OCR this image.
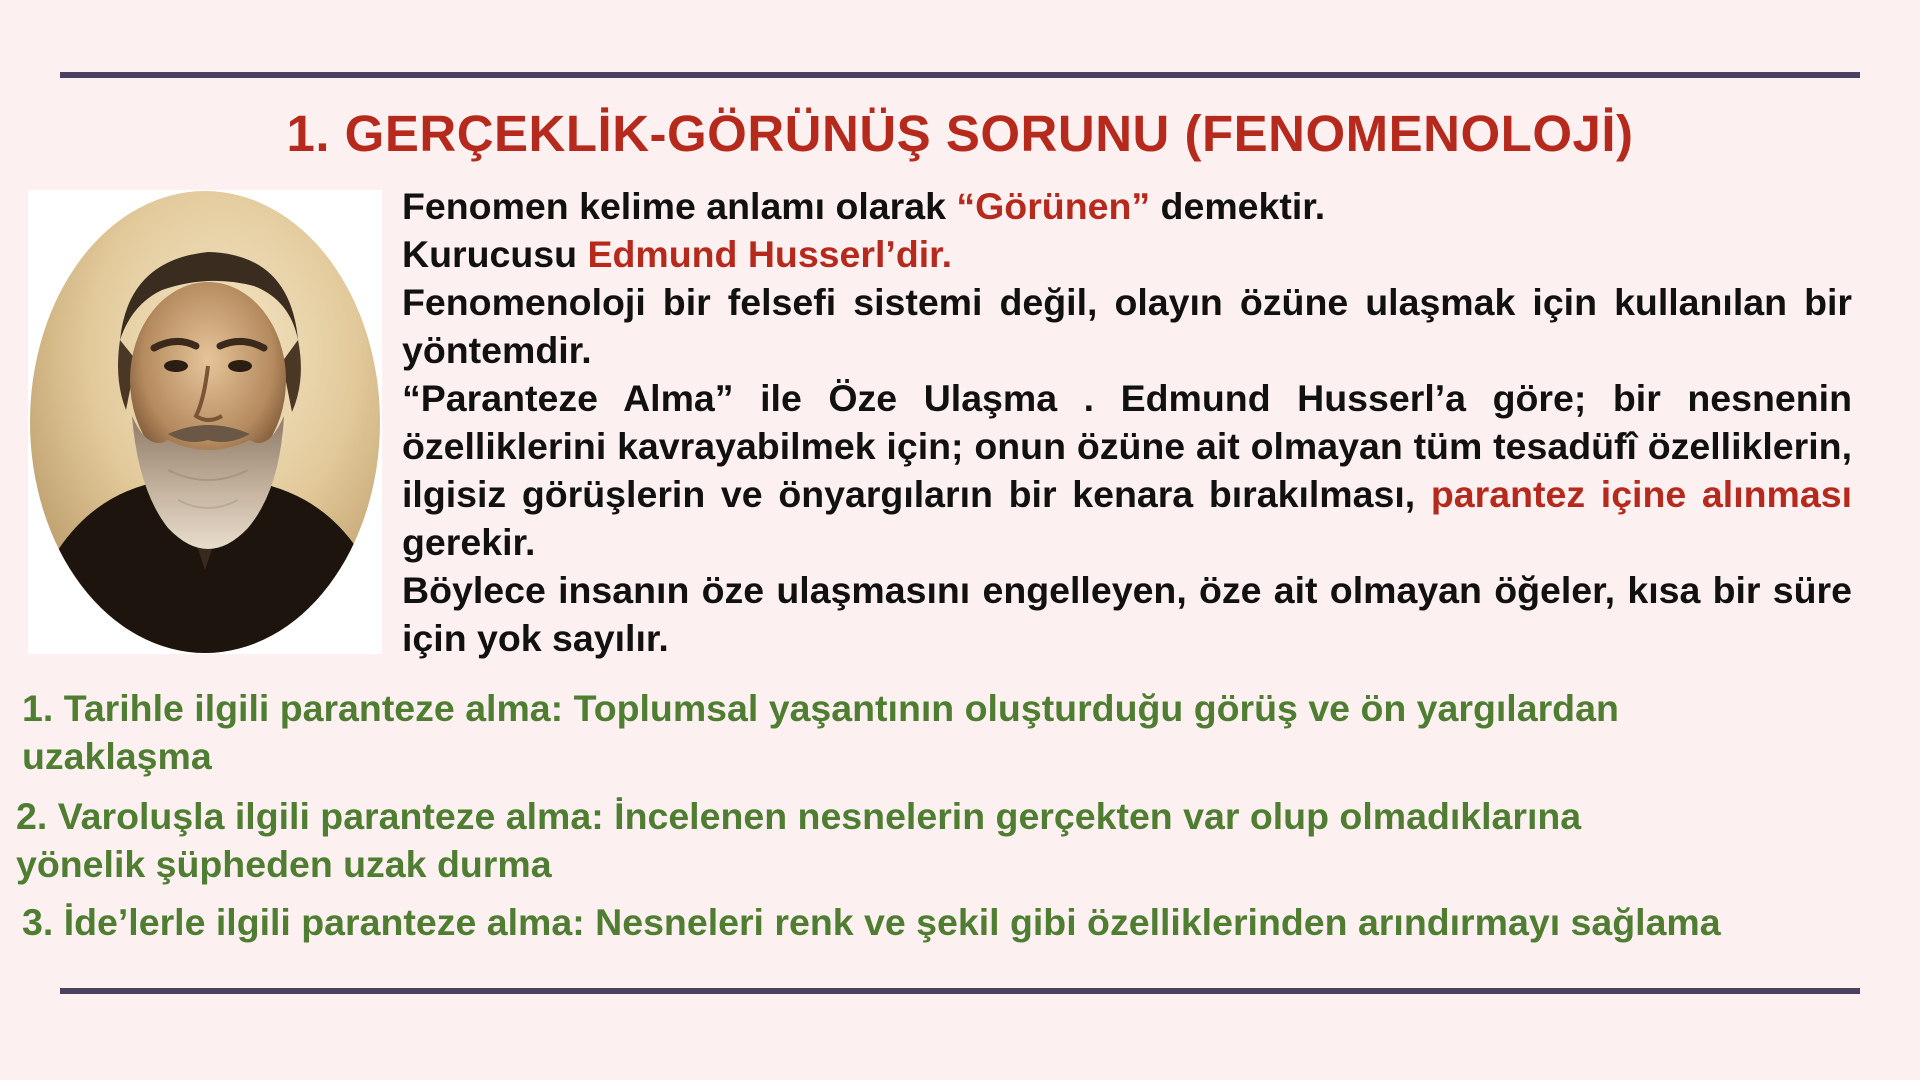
1. GERÇEKLİK-GÖRÜNÜŞ SORUNU (FENOMENOLOJİ)

Fenomen kelime anlamı olarak “Görünen” demektir.

Kurucusu Edmund Husserl’dir.

Fenomenoloji bir felsefi sistemi değil, olayın özüne ulaşmak için kullanılan bir yöntemdir.

“Paranteze Alma” ile Öze Ulaşma . Edmund Husserl’a göre; bir nesnenin özelliklerini kavrayabilmek için; onun özüne ait olmayan tüm tesadüfî özelliklerin, ilgisiz görüşlerin ve önyargıların bir kenara bırakılması, parantez içine alınması gerekir.

Böylece insanın öze ulaşmasını engelleyen, öze ait olmayan öğeler, kısa bir süre için yok sayılır.

1. Tarihle ilgili paranteze alma: Toplumsal yaşantının oluşturduğu görüş ve ön yargılardan
uzaklaşma

2. Varoluşla ilgili paranteze alma: İncelenen nesnelerin gerçekten var olup olmadıklarına
yönelik şüpheden uzak durma

3. İde’lerle ilgili paranteze alma: Nesneleri renk ve şekil gibi özelliklerinden arındırmayı sağlama
